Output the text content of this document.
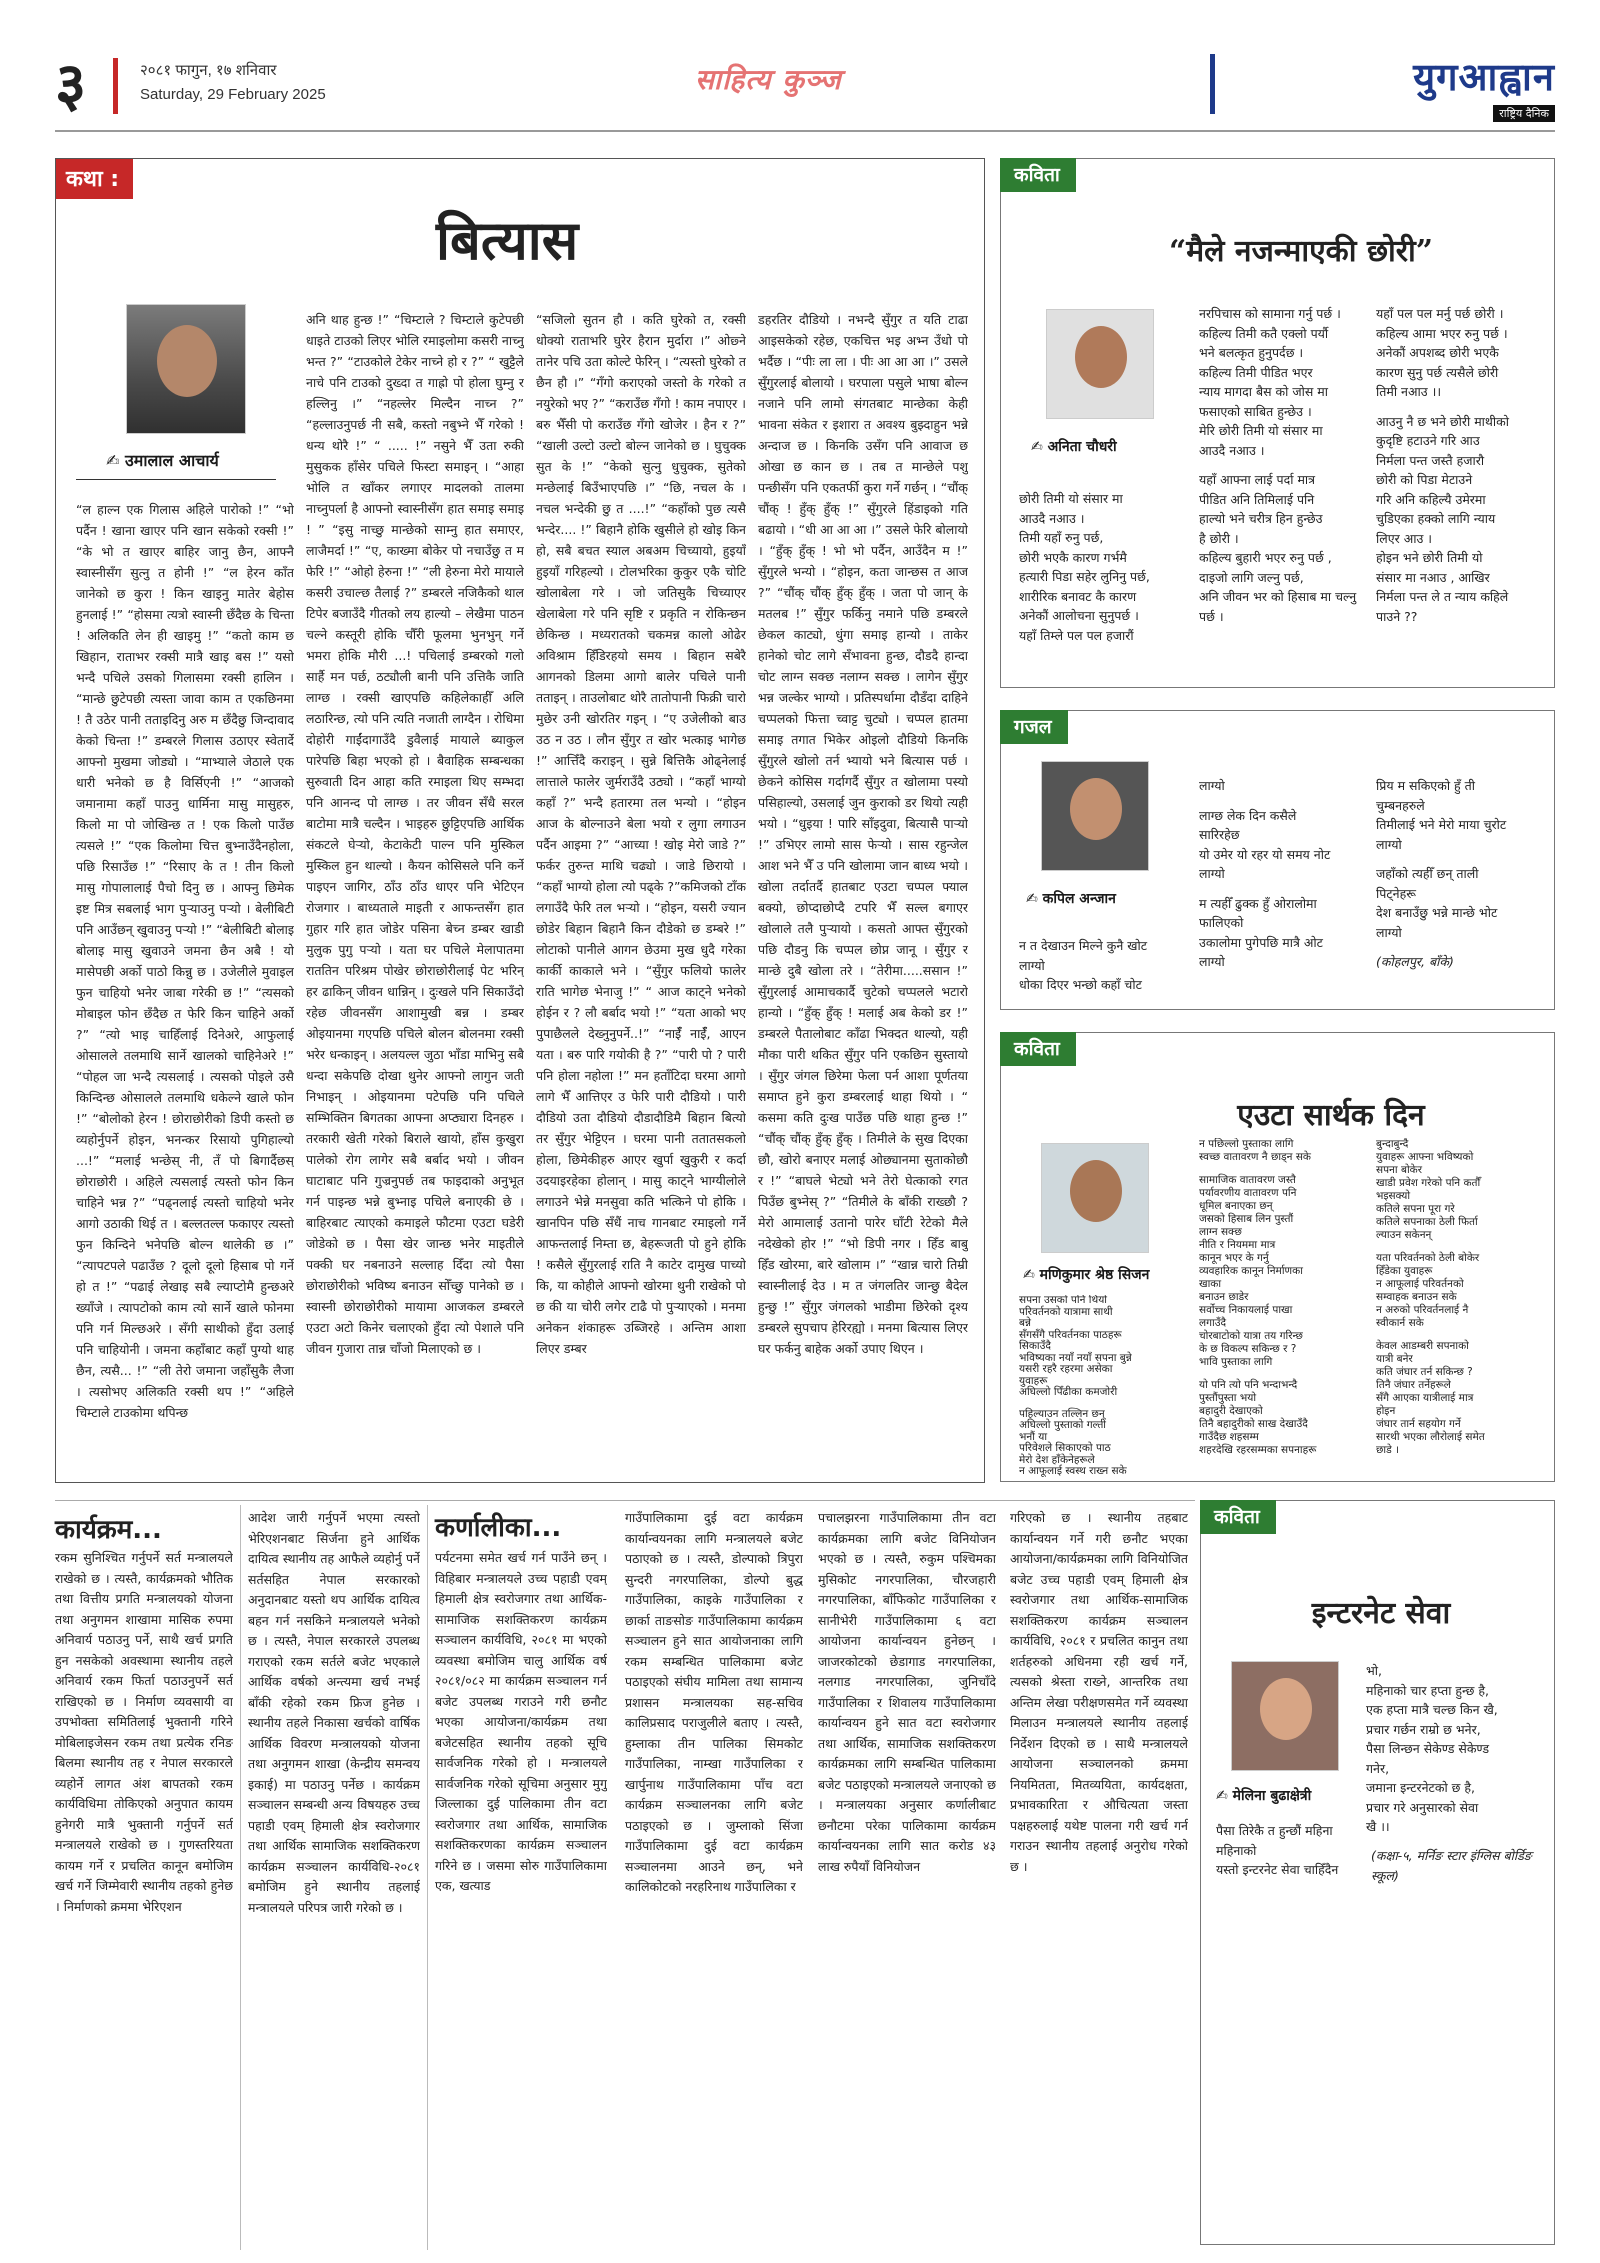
३	२०८१ फागुन, १७ शनिवार
Saturday, 29 February 2025	साहित्य कुञ्ज	युगआह्वान
राष्ट्रिय दैनिक
कथा :
बित्यास
✍ उमालाल आचार्य
“ल हाल्न एक गिलास अहिले पारोको !” “भो पर्दैन ! खाना खाएर पनि खान सकेको रक्सी !” “के भो त खाएर बाहिर जानु छैन, आफ्नै स्वास्नीसँग सुत्नु त होनी !” “ल हेरन काँत जानेको छ कुरा ! किन खाइनु मातेर बेहोस हुनलाई !” “होसमा त्यत्रो स्वास्नी छँदैछ के चिन्ता ! अलिकति लेन ही खाइमु !” “कतो काम छ खिहान, राताभर रक्सी मात्रै खाइ बस !” यसो भन्दै पचिले उसको गिलासमा रक्सी हालिन । “मान्छे छुटेपछी त्यस्ता जावा काम त एकछिनमा ! तै उठेर पानी तताइदिनु अरु म छँदैछु जिन्दावाद केको चिन्ता !” डम्बरले गिलास उठाएर स्वेतार्दे आफ्नो मुखमा जोड्यो । “माभ्याले जेठाले एक धारी भनेको छ है विर्सिएनी !” “आजको जमानामा कहाँ पाउनु धार्मिना मासु मासुहरु, किलो मा पो जोखिन्छ त ! एक किलो पाउँछ त्यसले !” “एक किलोमा चित्त बुभ्नाउँदैनहोला, पछि रिसाउँछ !” “रिसाए के त ! तीन किलो मासु गोपालालाई पैचो दिनु छ । आफ्नु छिमेक इष्ट मित्र सबलाई भाग पुऱ्याउनु पऱ्यो । बेलीबिटी पनि आउँछन् खुवाउनु पऱ्यो !” “बेलीबिटी बोलाइ बोलाइ मासु खुवाउने जमना छैन अबै ! यो मासेपछी अर्को पाठो किन्नु छ । उजेलीले मुवाइल फुन चाहियो भनेर जाबा गरेकी छ !” “त्यसको मोबाइल फोन छँदैछ त फेरि किन चाहिने अर्को ?” “त्यो भाइ चाहिँलाई दिनेअरे, आफुलाई ओसालले तलमाथि सार्ने खालको चाहिनेअरे !” “पोहल जा भन्दै त्यसलाई । त्यसको पोइले उसै किन्दिन्छ ओसालले तलमाथि धकेल्ने खाले फोन !” “बोलोको हेरन ! छोराछोरीको डिपी कस्तो छ व्यहोर्नुपर्ने होइन, भनन्कर रिसायो पुगिहाल्यो ...!” “मलाई भन्छेस् नी, तँ पो बिगार्दैछस् छोराछोरी । अहिले त्यसलाई त्यस्तो फोन किन चाहिने भन्न ?” “पढ्नलाई त्यस्तो चाहियो भनेर आगो उठाकी थिई त । बल्लतल्ल फकाएर त्यस्तो फुन किन्दिने भनेपछि बोल्न थालेकी छ ।” “त्यापटपले पढाउँछ ? दूलो दूलो हिसाब पो गर्ने हो त !” “पढाई लेखाइ सबै ल्याप्टोमै हुन्छअरे ख्याँजे । त्यापटोको काम त्यो सार्ने खाले फोनमा पनि गर्न मिल्छअरे । सँगी साथीको हुँदा उलाई पनि चाहियोनी । जमना कहाँबाट कहाँ पुग्यो थाह छैन, त्यसै... !” “ली तेरो जमाना जहाँसुकै लैजा । त्यसोभए अलिकति रक्सी थप !” “अहिले चिम्टाले टाउकोमा थपिन्छ
अनि थाह हुन्छ !” “चिम्टाले ? चिम्टाले कुटेपछी धाइते टाउको लिएर भोलि रमाइलोमा कसरी नाच्नु भन्त ?” “टाउकोले टेकेर नाच्ने हो र ?” “ खुट्टैले नाचे पनि टाउको दुख्दा त गाह्रो पो होला घुम्नु र हल्लिनु ।” “नहल्लेर मिल्दैन नाच्न ?” “हल्लाउनुपर्छ नी सबै, कस्तो नबुभ्ने भैँ गरेको ! धन्य थोरै !” “ ..... !” नसुने भैँ उता रुकी मुसुकक हाँसेर पचिले फिस्टा समाइन् । “आहा भोलि त खाँकर लगाएर मादलको तालमा नाच्नुपर्ला है आफ्नो स्वास्नीसँग हात समाइ समाइ ! ” “इसु नाच्छु मान्छेको साम्नु हात समाएर, लाजैमर्दा !” “ए, काख्मा बोकेर पो नचाउँछु त म फेरि !” “ओहो हेरुना !” “ली हेरुना मेरो मायाले कसरी उचाल्छ तैलाई ?” डम्बरले नजिकैको थाल टिपेर बजाउँदै गीतको लय हाल्यो – लेखैमा पाठन चल्ने कस्तूरी होकि चौँरी फूलमा भुनभुन् गर्ने भमरा होकि मौरी ...! पचिलाई डम्बरको गलो सार्है मन पर्छ, ठट्यौली बानी पनि उत्तिकै जाति लाग्छ । रक्सी खाएपछि कहिलेकाहीँ अलि लठारिन्छ, त्यो पनि त्यति नजाती लाग्दैन । रोधिमा दोहोरी गाईंदागाउँदै डुवैलाई मायाले ब्याकुल पारेपछि बिहा भएको हो । बैवाहिक सम्बन्धका सुरुवाती दिन आहा कति रमाइला थिए सम्भदा पनि आनन्द पो लाग्छ । तर जीवन सँधै सरल बाटोमा मात्रै चल्दैन । भाइहरु छुट्टिएपछि आर्थिक संकटले घेऱ्यो, केटाकेटी पाल्न पनि मुस्किल मुस्किल हुन थाल्यो । कैयन कोसिसले पनि कर्ने पाइएन जागिर, ठाँउ ठाँउ धाएर पनि भेटिएन रोजगार । बाध्यताले माइती र आफन्तसँग हात गुहार गरि हात जोडेर पसिना बेच्न डम्बर खाडी मुलुक पुगु पऱ्यो । यता घर पचिले मेलापातमा राततिन परिश्रम पोखेर छोराछोरीलाई पेट भरिन् हर ढाकिन् जीवन धान्निन् । दुःखले पनि सिकाउँदो रहेछ जीवनसँग आशामुखी बन्न । डम्बर ओइयानमा गएपछि पचिले बोलन बोलनमा रक्सी भरेर धन्काइन् । अलयल्ल जुठा भाँडा माभिनु सबै धन्दा सकेपछि दोखा थुनेर आफ्नो लागुन जती निभाइन् । ओइयानमा पटेपछि पनि पचिले सम्भिक्तिन बिगतका आफ्ना अप्ठ्यारा दिनहरु । तरकारी खेती गरेको बिराले खायो, हाँस कुखुरा पालेको रोग लागेर सबै बर्बाद भयो । जीवन घाटाबाट पनि गुज्रनुपर्छ तब फाइदाको अनुभूत गर्न पाइन्छ भन्ने बुभ्नाइ पचिले बनाएकी छे । बाहिरबाट त्याएको कमाइले फौटमा एउटा घडेरी जोडेको छ । पैसा खेर जान्छ भनेर माइतीले पक्की घर नबनाउने सल्लाह दिँदा त्यो पैसा छोराछोरीको भविष्य बनाउन सोँच्छु पानेको छ । स्वास्नी छोराछोरीको मायामा आजकल डम्बरले एउटा अटो किनेर चलाएको हुँदा त्यो पेशाले पनि जीवन गुजारा तान्न चाँजो मिलाएको छ ।
“सजिलो सुतन हौ । कति घुरेको त, रक्सी धोक्यो राताभरि घुरेर हैरान मुर्दारा ।” ओछ्ने तानेर पचि उता कोल्टे फेरिन् । “त्यस्तो घुरेको त छैन हौ ।” “गँगो कराएको जस्तो के गरेको त नयुरेको भए ?” “कराउँछ गँगो ! काम नपाएर । बरु भैँसी पो कराउँछ गँगो खोजेर । हैन र ?” “खाली उल्टो उल्टो बोल्न जानेको छ । घुचुक्क सुत के !” “केको सुत्नु धुचुक्क, सुतेको मन्छेलाई बिउँभाएपछि ।” “छि, नचल के । नचल भन्देकी छु त ....!” “कहाँको पुछ त्यसै भन्देर.... !” बिहानै होकि खुसीले हो खोइ किन हो, सबै बचत स्याल अबअम चिच्यायो, हुइयाँ हुइयाँ गरिहल्यो । टोलभरिका कुकुर एकै चोटि खोलाबेला गरे । जो जतिसुकै चिच्याएर खेलाबेला गरे पनि सृष्टि र प्रकृति न रोकिन्छन छेकिन्छ । मध्यरातको चकमन्न कालो ओढेर अविश्राम हिँडिरहयो समय । बिहान सबेरै आगनको डिलमा आगो बालेर पचिले पानी तताइन् । ताउलोबाट थोरै तातोपानी फिक्री चारो मुछेर उनी खोरतिर गइन् । “ए उजेलीको बाउ उठ न उठ । लौन सुँगुर त खोर भत्काइ भागेछ !” आत्तिँदै कराइन् । सुन्ने बित्तिकै ओढ्नेलाई लात्ताले फालेर जुर्मराउँदै उठ्यो । “कहाँ भाग्यो कहाँ ?” भन्दै हतारमा तल भन्यो । “होइन आज के बोल्नाउने बेला भयो र लुगा लगाउन पर्दैन आइमा ?” “आच्या ! खोइ मेरो जाडे ?” फर्कर तुरुन्त माथि चढ्यो । जाडे छिरायो । “कहाँ भाग्यो होला त्यो पढ्के ?”कमिजको टाँक लगाउँदै फेरि तल भऱ्यो । “होइन, यसरी ज्यान छोडेर बिहान बिहानै किन दौडेको छ डम्बरे !” लोटाको पानीले आगन छेउमा मुख धुदै गरेका कार्की काकाले भने । “सुँगुर फलियो फालेर राति भागेछ भेनाजु !” “ आज काट्ने भनेको होईन र ? लौ बर्बाद भयो !” “यता आको भए पुपाछैलले देख्नुनुपर्ने..!” “नाईँ नाईँ, आएन यता । बरु पारि गयोकी है ?” “पारी पो ? पारी पनि होला नहोला !” मन हताँटिदा घरमा आगो लागे भैँ आत्तिएर उ फेरि पारी दौडियो । पारी दौडियो उता दौडियो दौडादौडिमै बिहान बित्यो तर सुँगुर भेट्टिएन । घरमा पानी ततातसकलो होला, छिमेकीहरु आएर खुर्पा खुकुरी र कर्दा उदयाइरहेका होलान् । मासु काट्ने भाग्यीलोले लगाउने भेन्ने मनसुवा कति भत्किने पो होकि । खानपिन पछि सँधैं नाच गानबाट रमाइलो गर्ने आफन्तलाई निम्ता छ, बेहरूजती पो हुने होकि ! कसैले सुँगुरलाई राति नै काटेर दामुख पाच्यो कि, या कोहीले आफ्नो खोरमा थुनी राखेको पो छ की या चोरी लगेर टाढै पो पुऱ्याएको । मनमा अनेकन शंकाहरू उब्जिरहे । अन्तिम आशा लिएर डम्बर
डहरतिर दौडियो । नभन्दै सुँगुर त यति टाढा आइसकेको रहेछ, एकचित्त भइ अभ्न उँधो पो भर्दैछ । “पीः ला ला । पीः आ आ आ ।” उसले सुँगुरलाई बोलायो । घरपाला पसुले भाषा बोल्न नजाने पनि लामो संगतबाट मान्छेका केही भावना संकेत र इशारा त अवश्य बुझ्दाहुन भन्ने अन्दाज छ । किनकि उसँग पनि आवाज छ ओखा छ कान छ । तब त मान्छेले पशु पन्छीसँग पनि एकतर्फी कुरा गर्ने गर्छन् । “चौंक् चौंक् ! हुँक् हुँक् !” सुँगुरले हिंडाइको गति बढायो । “धी आ आ आ ।” उसले फेरि बोलायो । “हुँक् हुँक् ! भो भो पर्दैन, आउँदैन म !” सुँगुरले भन्यो । “होइन, कता जान्छस त आज ?” “चौंक् चौंक् हुँक् हुँक् । जता पो जान् के मतलब !” सुँगुर फर्किनु नमाने पछि डम्बरले छेकल काट्यो, धुंगा समाइ हान्यो । ताकेर हानेको चोट लागे सँभावना हुन्छ, दौडदै हान्दा चोट लाग्न सक्छ नलाग्न सक्छ । लागेन सुँगुर भन्न जल्केर भाग्यो । प्रतिस्पर्धामा दौडँदा दाहिने चप्पलको फित्ता च्वाट्ट चुट्यो । चप्पल हातमा समाइ तगात भिकेर ओइलो दौडियो किनकि सुँगुरले खोलो तर्न भ्यायो भने बित्यास पर्छ । छेकने कोसिस गर्दागर्दै सुँगुर त खोलामा पस्यो पसिहाल्यो, उसलाई जुन कुराको डर थियो त्यही भयो । “धुइया ! पारि साँइदुवा, बित्यासै पाऱ्यो !” उभिएर लामो सास फेऱ्यो । सास रहुन्जेल आश भने भैँ उ पनि खोलामा जान बाध्य भयो । खोला तर्दातर्दै हातबाट एउटा चप्पल फ्याल बक्यो, छोप्दाछोप्दै टपरि भैँ सल्ल बगाएर खोलाले तलै पुऱ्यायो । कसतो आफ्त सुँगुरको पछि दौडनु कि चप्पल छोप्न जानू । सुँगुर र मान्छे दुबै खोला तरे । “तेरीमा.....ससान !” सुँगुरलाई आमाचकार्दै चुटेको चप्पलले भटारो हान्यो । “हुँक् हुँक् ! मलाई अब केको डर !” डम्बरले पैतालोबाट काँढा भिक्दत थाल्यो, यही मौका पारी थकित सुँगुर पनि एकछिन सुस्तायो । सुँगुर जंगल छिरेमा फेला पर्न आशा पूर्णतया समाप्त हुने कुरा डम्बरलाई थाहा थियो । “ कसमा कति दुःख पाउँछ पछि थाहा हुन्छ !” “चौंक् चौंक् हुँक् हुँक् । तिमीले के सुख दिएका छौ, खोरो बनाएर मलाई ओछ्यानमा सुताकोछौ र !” “बाघले भेट्यो भने तेरो घेत्काको रगत पिउँछ बुभ्नेस् ?” “तिमीले के बाँकी राख्छौ ? मेरो आमालाई उतानो पारेर घाँटी रेटेको मैले नदेखेको होर !” “भो डिपी नगर । हिँड बाबु हिँड खोरमा, बारे खोलाम ।” “खान्न चारो तिम्री स्वास्नीलाई देउ । म त जंगलतिर जान्छु बैदेल हुन्छु !” सुँगुर जंगलको भाडीमा छिरेको दृश्य डम्बरले सुपचाप हेरिरह्यो । मनमा बित्यास लिएर घर फर्कनु बाहेक अर्को उपाए थिएन ।
कविता
“मैले नजन्माएकी छोरी”
✍ अनिता चौधरी
छोरी तिमी यो संसार मा
आउदै नआउ ।
तिमी यहाँ रुनु पर्छ,
छोरी भएकै कारण गर्भमै
हत्यारी पिडा सहेर लुनिनु पर्छ,
शारीरिक बनावट कै कारण
अनेकौं आलोचना सुनुपर्छ ।
यहाँ तिम्ले पल पल हजारौं
नरपिचास को सामाना गर्नु पर्छ ।
कहिल्य तिमी कतै एक्लो पर्यौ
भने बलत्कृत हुनुपर्दछ ।
कहिल्य तिमी पीडित भएर
न्याय मागदा बैस को जोस मा
फसाएको साबित हुन्छेउ ।
मेरि छोरी तिमी यो संसार मा
आउदै नआउ ।
यहाँ आफ्ना लाई पर्दा मात्र
पीडित अनि तिमिलाई पनि
हाल्यो भने चरीत्र हिन हुन्छेउ
है छोरी ।
कहिल्य बुहारी भएर रुनु पर्छ ,
दाइजो लागि जल्नु पर्छ,
अनि जीवन भर को हिसाब मा चल्नु पर्छ ।
यहाँ पल पल मर्नु पर्छ छोरी ।
कहिल्य आमा भएर रुनु पर्छ ।
अनेकौं अपशब्द छोरी भएकै
कारण सुनु पर्छ त्यसैले छोरी
तिमी नआउ ।।
आउनु नै छ भने छोरी माथीको
कुदृष्टि हटाउने गरि आउ
निर्मला पन्त जस्तै हजारौ
छोरी को पिडा मेटाउने
गरि अनि कहिल्यै उमेरमा
चुडिएका हक्को लागि न्याय
लिएर आउ ।
होइन भने छोरी तिमी यो
संसार मा नआउ , आखिर
निर्मला पन्त ले त न्याय कहिले
पाउने ??
गजल
✍ कपिल अन्जान
न त देखाउन मिल्ने कुनै खोट
लाग्यो
धोका दिएर भन्छो कहाँ चोट
लाग्यो
लाग्छ लेक दिन कसैले
सारिरहेछ
यो उमेर यो रहर यो समय नोट
लाग्यो
म त्यहीँ ढुक्क हुँ ओरालोमा
फालिएको
उकालोमा पुगेपछि मात्रै ओट
लाग्यो
प्रिय म सकिएको हुँ ती
चुम्बनहरुले
तिमीलाई भने मेरो माया चुरोट
लाग्यो
जहाँको त्यहीँ छन् ताली
पिट्नेहरू
देश बनाउँछु भन्ने मान्छे भोट
लाग्यो
(कोहलपुर, बाँके)
कविता
एउटा सार्थक दिन
✍ मणिकुमार श्रेष्ठ सिजन
सपना उसको पनि थियो
परिवर्तनको यात्रामा साथी
बन्ने
सँगसँगै परिवर्तनका पाठहरू
सिकाउँदै
भविष्यका नयाँ नयाँ सपना बुन्ने
यसरी रहरै रहरमा असेका
युवाहरू
अघिल्लो पिँढीका कमजोरी
पहिल्याउन तल्लिन छन्
अघिल्लो पुस्ताको गल्ती
भनौं या
परिवेशले सिकाएको पाठ
मेरो देश हाँकेनेहरूले
न आफूलाई स्वस्थ राख्न सके
न पछिल्लो पुस्ताका लागि
स्वच्छ वातावरण नै छाड्न सके
सामाजिक वातावरण जस्तै
पर्यावरणीय वातावरण पनि
धूमिल बनाएका छन्
जसको हिसाब लिन पुस्तौं
लाग्न सक्छ
नीति र नियममा मात्र
कानून भएर के गर्नु
व्यवहारिक कानून निर्माणका
खाका
बनाउन छाडेर
सर्वोच्च निकायलाई पाखा
लगाउँदै
चोरबाटोको यात्रा तय गरिन्छ
के छ विकल्प सकिन्छ र ?
भावि पुस्ताका लागि
यो पनि त्यो पनि भन्दाभन्दै
पुस्तौंपुस्ता भयो
बहादुरी देखाएको
तिनै बहादुरीको साख देखाउँदै
गाउँदैछ शहसम्म
शहरदेखि रहरसम्मका सपनाहरू
बुन्दाबुन्दै
युवाहरू आफ्ना भविष्यको
सपना बोकेर
खाडी प्रवेश गरेको पनि कतौँ
भइसक्यो
कतिले सपना पूरा गरे
कतिले सपनाका ठेली फिर्ता
ल्याउन सकेनन्
यता परिवर्तनको ठेली बोकेर
हिँडेका युवाहरू
न आफूलाई परिवर्तनको
सम्वाहक बनाउन सके
न अरुको परिवर्तनलाई नै
स्वीकार्न सके
केवल आडम्बरी सपनाको
यात्री बनेर
कति जंघार तर्न सकिन्छ ?
तिनै जंघार तर्नेहरूले
सँगै आएका यात्रीलाई मात्र
होइन
जंघार तार्न सहयोग गर्ने
सारथी भएका लौरोलाई समेत
छाडे ।
कार्यक्रम...	कर्णालीका...
रकम सुनिश्चित गर्नुपर्ने सर्त मन्त्रालयले राखेको छ । त्यस्तै, कार्यक्रमको भौतिक तथा वित्तीय प्रगति मन्त्रालयको योजना तथा अनुगमन शाखामा मासिक रुपमा अनिवार्य पठाउनु पर्ने, साथै खर्च प्रगति हुन नसकेको अवस्थामा स्थानीय तहले अनिवार्य रकम फिर्ता पठाउनुपर्ने सर्त राखिएको छ । निर्माण व्यवसायी वा उपभोक्ता समितिलाई भुक्तानी गरिने मोबिलाइजेसन रकम तथा प्रत्येक रनिङ बिलमा स्थानीय तह र नेपाल सरकारले व्यहोर्ने लागत अंश बापतको रकम कार्यविधिमा तोकिएको अनुपात कायम हुनेगरी मात्रै भुक्तानी गर्नुपर्ने सर्त मन्त्रालयले राखेको छ । गुणस्तरियता कायम गर्ने र प्रचलित कानून बमोजिम खर्च गर्ने जिम्मेवारी स्थानीय तहको हुनेछ । निर्माणको क्रममा भेरिएशन
आदेश जारी गर्नुपर्ने भएमा त्यस्तो भेरिएशनबाट सिर्जना हुने आर्थिक दायित्व स्थानीय तह आफैले व्यहोर्नु पर्ने सर्तसहित नेपाल सरकारको अनुदानबाट यस्तो थप आर्थिक दायित्व बहन गर्न नसकिने मन्त्रालयले भनेको छ । त्यस्तै, नेपाल सरकारले उपलब्ध गराएको रकम सर्तले बजेट भएकाले आर्थिक वर्षको अन्त्यमा खर्च नभई बाँकी रहेको रकम फ्रिज हुनेछ । स्थानीय तहले निकासा खर्चको वार्षिक आर्थिक विवरण मन्त्रालयको योजना तथा अनुगमन शाखा (केन्द्रीय समन्वय इकाई) मा पठाउनु पर्नेछ । कार्यक्रम सञ्चालन सम्बन्धी अन्य विषयहरु उच्च पहाडी एवम् हिमाली क्षेत्र स्वरोजगार तथा आर्थिक सामाजिक सशक्तिकरण कार्यक्रम सञ्चालन कार्यविधि-२०८१ बमोजिम हुने स्थानीय तहलाई मन्त्रालयले परिपत्र जारी गरेको छ ।
पर्यटनमा समेत खर्च गर्न पाउँने छन् । विहिबार मन्त्रालयले उच्च पहाडी एवम् हिमाली क्षेत्र स्वरोजगार तथा आर्थिक-सामाजिक सशक्तिकरण कार्यक्रम सञ्चालन कार्यविधि, २०८१ मा भएको व्यवस्था बमोजिम चालु आर्थिक वर्ष २०८१/०८२ मा कार्यक्रम सञ्चालन गर्न बजेट उपलब्ध गराउने गरी छनौट भएका आयोजना/कार्यक्रम तथा बजेटसहित स्थानीय तहको सूचि सार्वजनिक गरेको हो । मन्त्रालयले सार्वजनिक गरेको सूचिमा अनुसार मुगु जिल्लाका दुई पालिकामा तीन वटा स्वरोजगार तथा आर्थिक, सामाजिक सशक्तिकरणका कार्यक्रम सञ्चालन गरिने छ । जसमा सोरु गाउँपालिकामा एक, खत्याड
गाउँपालिकामा दुई वटा कार्यक्रम कार्यान्वयनका लागि मन्त्रालयले बजेट पठाएको छ । त्यस्तै, डोल्पाको त्रिपुरा सुन्दरी नगरपालिका, डोल्पो बुद्ध गाउँपालिका, काइके गाउँपालिका र छार्का ताङसोङ गाउँपालिकामा कार्यक्रम सञ्चालन हुने सात आयोजनाका लागि रकम सम्बन्धित पालिकामा बजेट पठाइएको संघीय मामिला तथा सामान्य प्रशासन मन्त्रालयका सह-सचिव कालिप्रसाद पराजुलीले बताए । त्यस्तै, हुम्लाका तीन पालिका सिमकोट गाउँपालिका, नाम्खा गाउँपालिका र खार्पुनाथ गाउँपालिकामा पाँच वटा कार्यक्रम सञ्चालनका लागि बजेट पठाइएको छ । जुम्लाको सिंजा गाउँपालिकामा दुई वटा कार्यक्रम सञ्चालनमा आउने छन्, भने कालिकोटको नरहरिनाथ गाउँपालिका र
पचालझरना गाउँपालिकामा तीन वटा कार्यक्रमका लागि बजेट विनियोजन भएको छ । त्यस्तै, रुकुम पश्चिमका मुसिकोट नगरपालिका, चौरजहारी नगरपालिका, बाँफिकोट गाउँपालिका र सानीभेरी गाउँपालिकामा ६ वटा आयोजना कार्यान्वयन हुनेछन् । जाजरकोटको छेडागाड नगरपालिका, नलगाड नगरपालिका, जुनिचाँदे गाउँपालिका र शिवालय गाउँपालिकामा कार्यान्वयन हुने सात वटा स्वरोजगार तथा आर्थिक, सामाजिक सशक्तिकरण कार्यक्रमका लागि सम्बन्धित पालिकामा बजेट पठाइएको मन्त्रालयले जनाएको छ । मन्त्रालयका अनुसार कर्णालीबाट छनौटमा परेका पालिकामा कार्यक्रम कार्यान्वयनका लागि सात करोड ४३ लाख रुपैयाँ विनियोजन
गरिएको छ । स्थानीय तहबाट कार्यान्वयन गर्ने गरी छनौट भएका आयोजना/कार्यक्रमका लागि विनियोजित बजेट उच्च पहाडी एवम् हिमाली क्षेत्र स्वरोजगार तथा आर्थिक-सामाजिक सशक्तिकरण कार्यक्रम सञ्चालन कार्यविधि, २०८१ र प्रचलित कानुन तथा शर्तहरुको अधिनमा रही खर्च गर्ने, त्यसको श्रेस्ता राख्ने, आन्तरिक तथा अन्तिम लेखा परीक्षणसमेत गर्ने व्यवस्था मिलाउन मन्त्रालयले स्थानीय तहलाई निर्देशन दिएको छ । साथै मन्त्रालयले आयोजना सञ्चालनको क्रममा नियमितता, मितव्ययिता, कार्यदक्षता, प्रभावकारिता र औचित्यता जस्ता पक्षहरुलाई यथेष्ट पालना गरी खर्च गर्न गराउन स्थानीय तहलाई अनुरोध गरेको छ ।
कविता
इन्टरनेट सेवा
✍ मेलिना बुढाक्षेत्री
भो,
महिनाको चार हप्ता हुन्छ है,
एक हप्ता मात्रै चल्छ किन खै,
प्रचार गर्छन राम्रो छ भनेर,
पैसा लिन्छन सेकेण्ड सेकेण्ड
गनेर,
जमाना इन्टरनेटको छ है,
प्रचार गरे अनुसारको सेवा
खै ।।
पैसा तिरेकै त हुन्छौं महिना
महिनाको
यस्तो इन्टरनेट सेवा चाहिँदैन
(कक्षा-५, मर्निङ स्टार इंग्लिस बोर्डिङ स्कूल)
